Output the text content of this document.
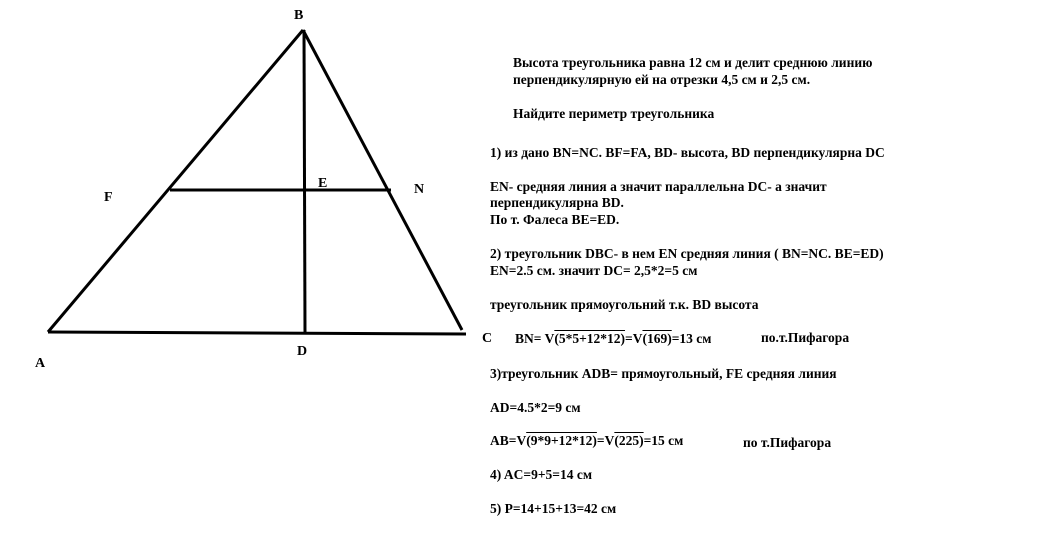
B
E
F
N
A
D
C
Высота треугольника равна 12 см и делит среднюю линию
перпендикулярную ей на отрезки 4,5 см и 2,5 см.
Найдите периметр треугольника
1) из дано BN=NC. BF=FA, BD- высота, BD перпендикулярна DC
EN- средняя линия а значит параллельна DC- а значит
перпендикулярна BD.
По т. Фалеса BE=ED.
2) треугольник DBC- в нем EN средняя линия ( BN=NC. BE=ED)
EN=2.5 см. значит DC= 2,5*2=5 см
треугольник прямоугольний т.к. BD высота
BN= V(5*5+12*12)=V(169)=13 см	по.т.Пифагора
3)треугольник ADB= прямоугольный, FE средняя линия
AD=4.5*2=9 см
AB=V(9*9+12*12)=V(225)=15 см	по т.Пифагора
4) AC=9+5=14 см
5) P=14+15+13=42 см
